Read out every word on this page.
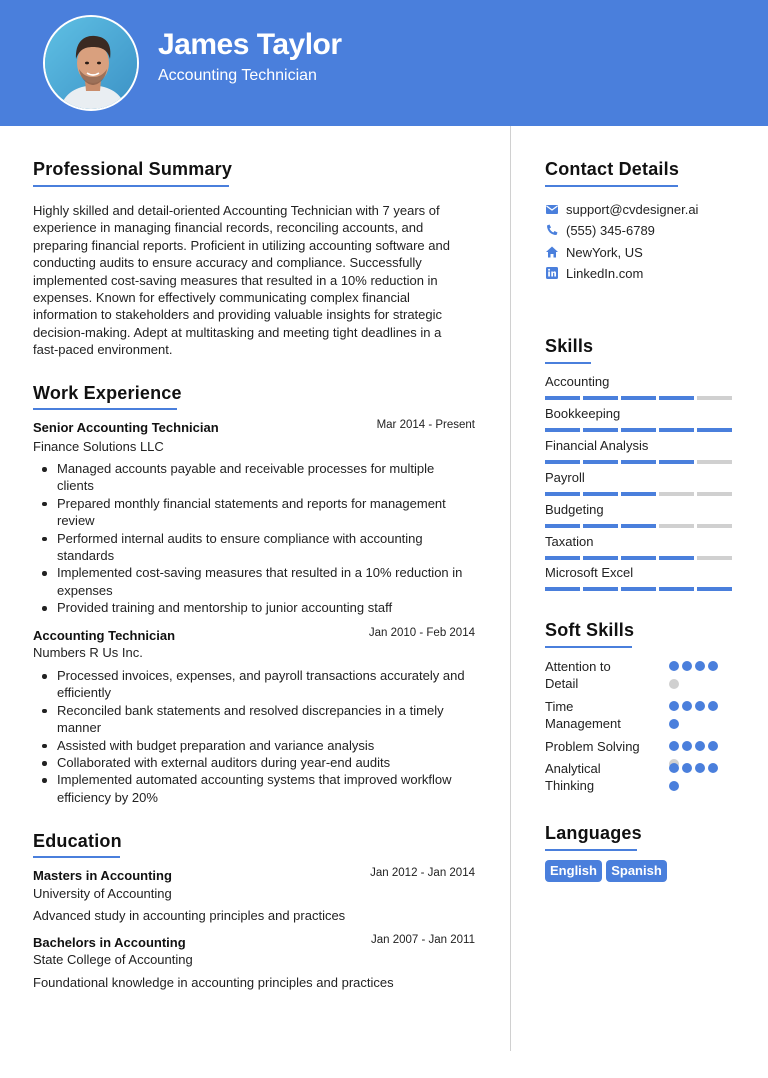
James Taylor
Accounting Technician
Professional Summary
Highly skilled and detail-oriented Accounting Technician with 7 years of
experience in managing financial records, reconciling accounts, and
preparing financial reports. Proficient in utilizing accounting software and
conducting audits to ensure accuracy and compliance. Successfully
implemented cost-saving measures that resulted in a 10% reduction in
expenses. Known for effectively communicating complex financial
information to stakeholders and providing valuable insights for strategic
decision-making. Adept at multitasking and meeting tight deadlines in a
fast-paced environment.
Work Experience
Senior Accounting Technician	Mar 2014 - Present
Finance Solutions LLC
Managed accounts payable and receivable processes for multiple
clients
Prepared monthly financial statements and reports for management
review
Performed internal audits to ensure compliance with accounting
standards
Implemented cost-saving measures that resulted in a 10% reduction in
expenses
Provided training and mentorship to junior accounting staff
Accounting Technician	Jan 2010 - Feb 2014
Numbers R Us Inc.
Processed invoices, expenses, and payroll transactions accurately and
efficiently
Reconciled bank statements and resolved discrepancies in a timely
manner
Assisted with budget preparation and variance analysis
Collaborated with external auditors during year-end audits
Implemented automated accounting systems that improved workflow
efficiency by 20%
Education
Masters in Accounting	Jan 2012 - Jan 2014
University of Accounting
Advanced study in accounting principles and practices
Bachelors in Accounting	Jan 2007 - Jan 2011
State College of Accounting
Foundational knowledge in accounting principles and practices
Contact Details
support@cvdesigner.ai
(555) 345-6789
NewYork, US
LinkedIn.com
Skills
Accounting
Bookkeeping
Financial Analysis
Payroll
Budgeting
Taxation
Microsoft Excel
Soft Skills
Attention to
Detail
Time
Management
Problem Solving
Analytical
Thinking
Languages
English	Spanish
